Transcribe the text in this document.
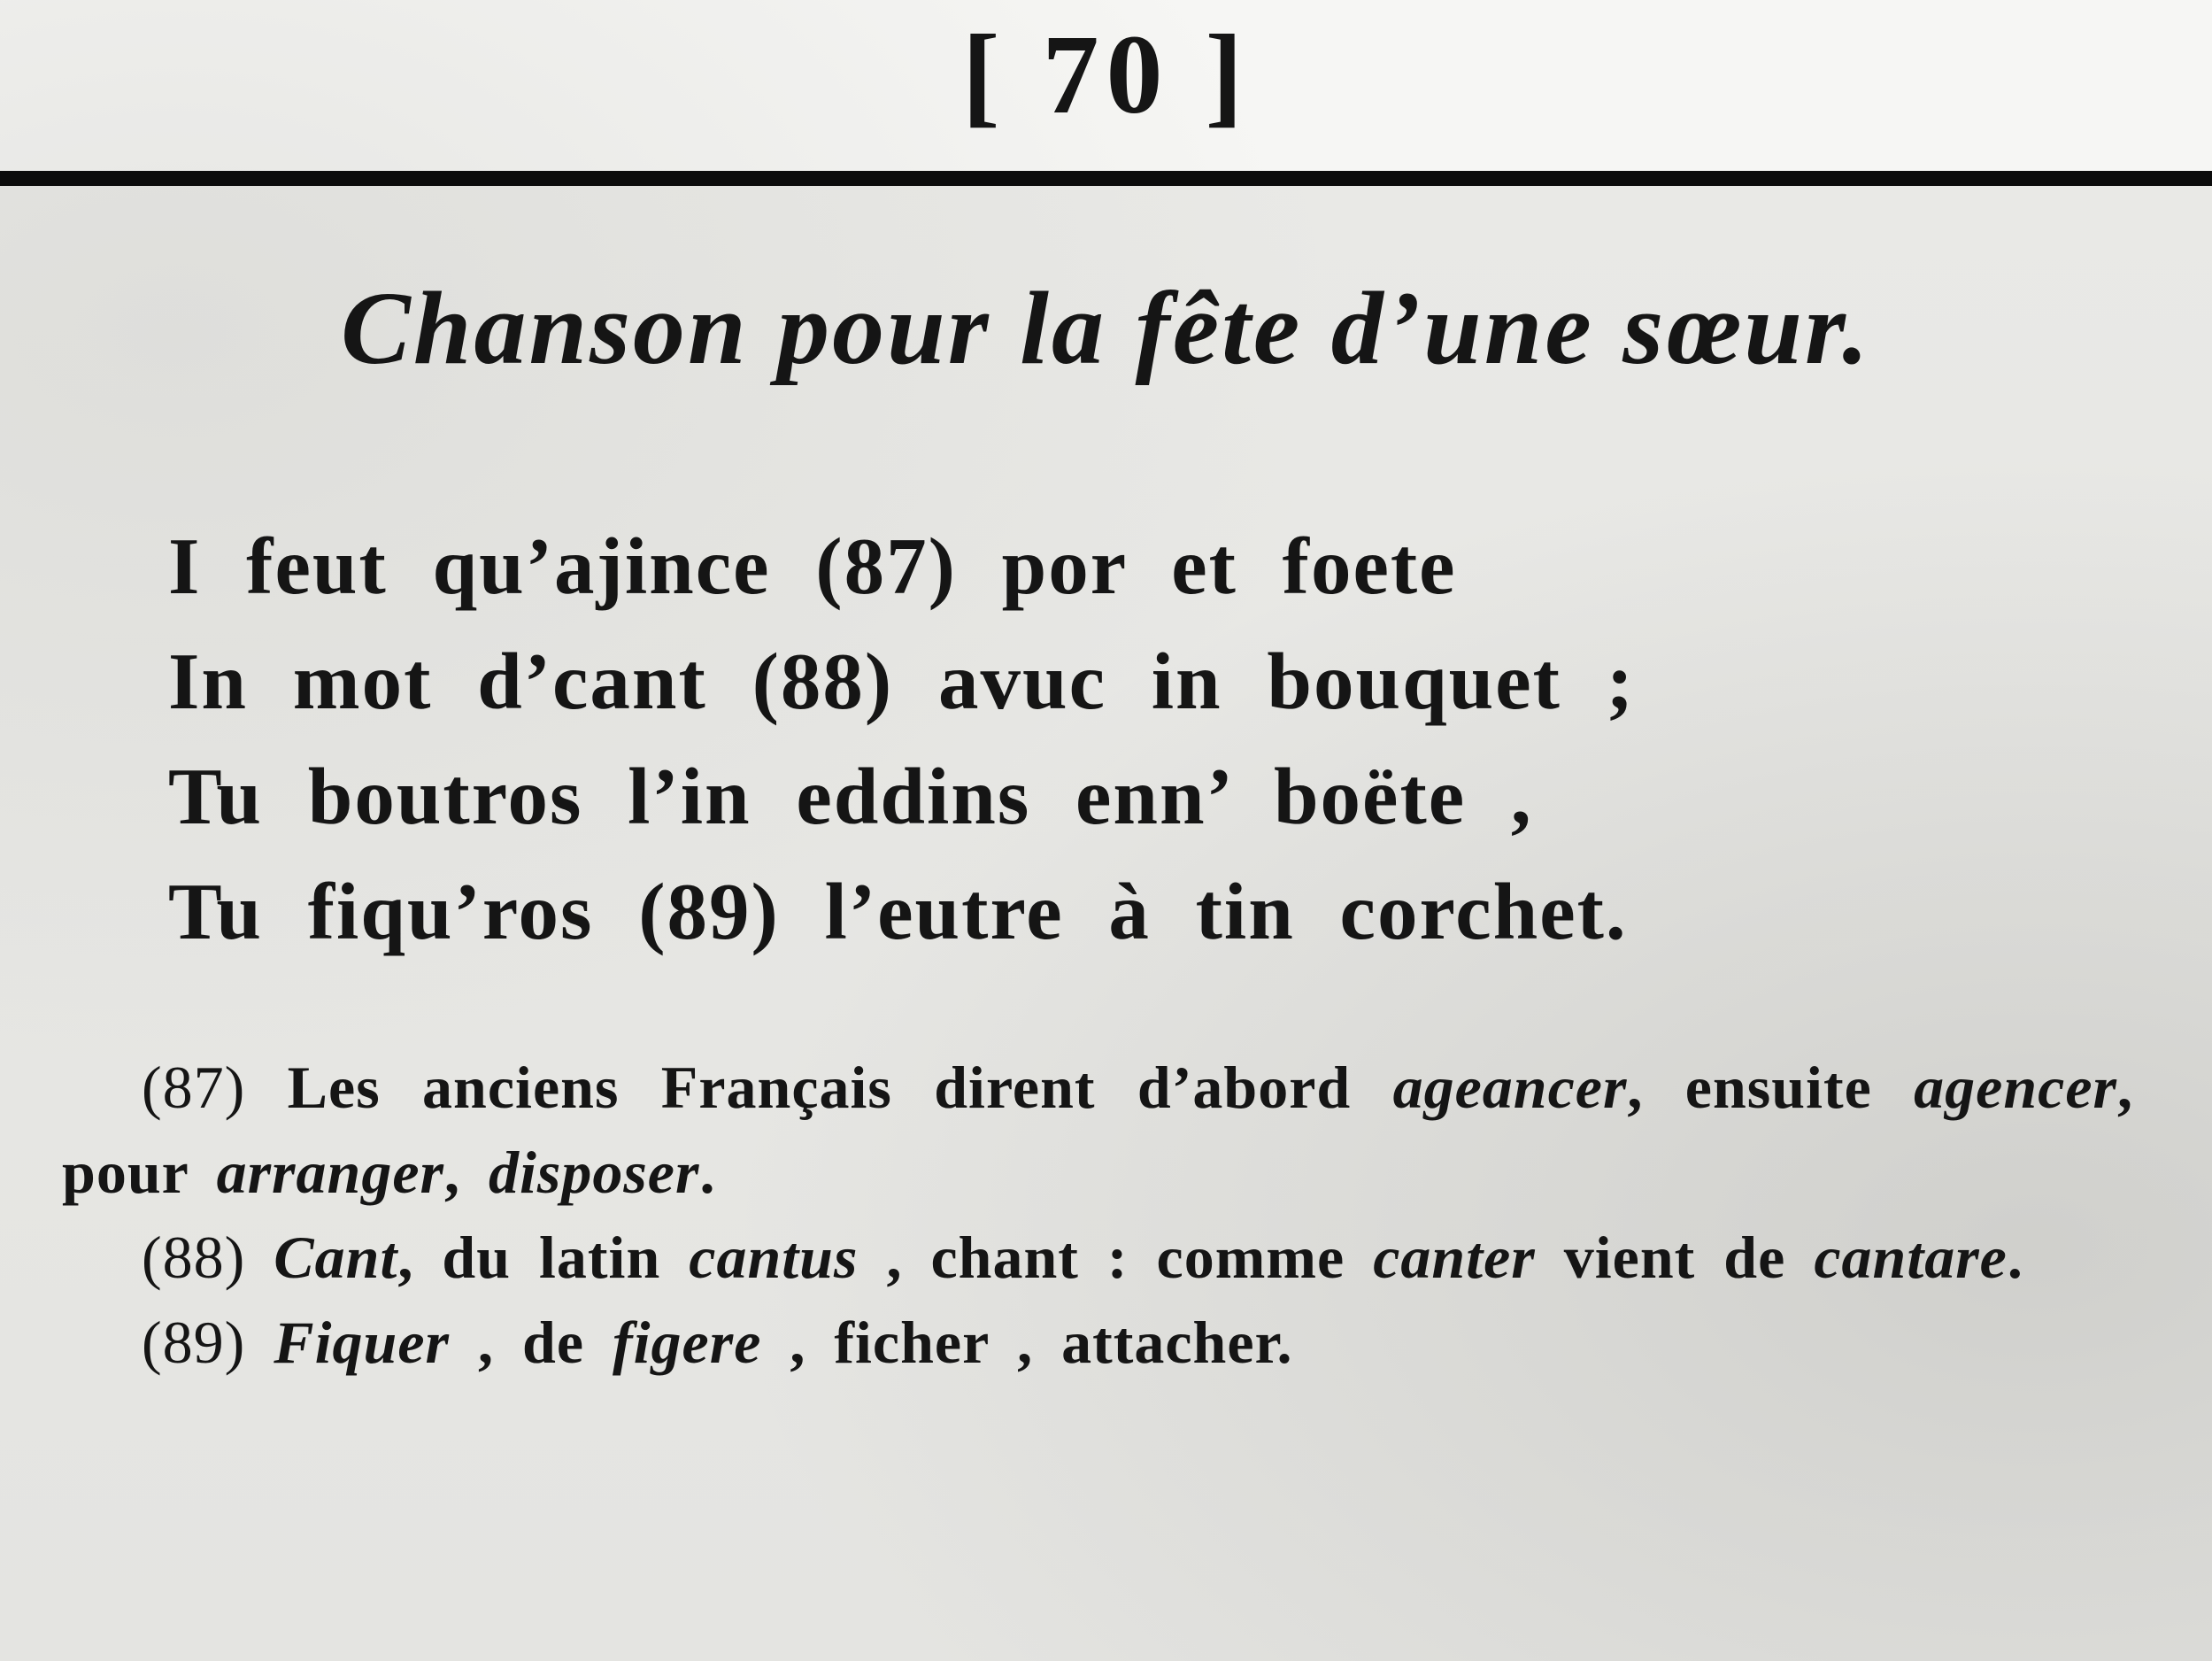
[ 70 ]
Chanson pour la fête d’une sœur.
I feut qu’ajince (87) por et foete
In mot d’cant (88) avuc in bouquet ;
Tu boutros l’in eddins enn’ boëte ,
Tu fiqu’ros (89) l’eutre à tin corchet.
(87) Les anciens Français dirent d’abord ageancer, ensuite agencer, pour arranger, disposer.
(88) Cant, du latin cantus , chant : comme canter vient de cantare.
(89) Fiquer , de figere , ficher , attacher.
